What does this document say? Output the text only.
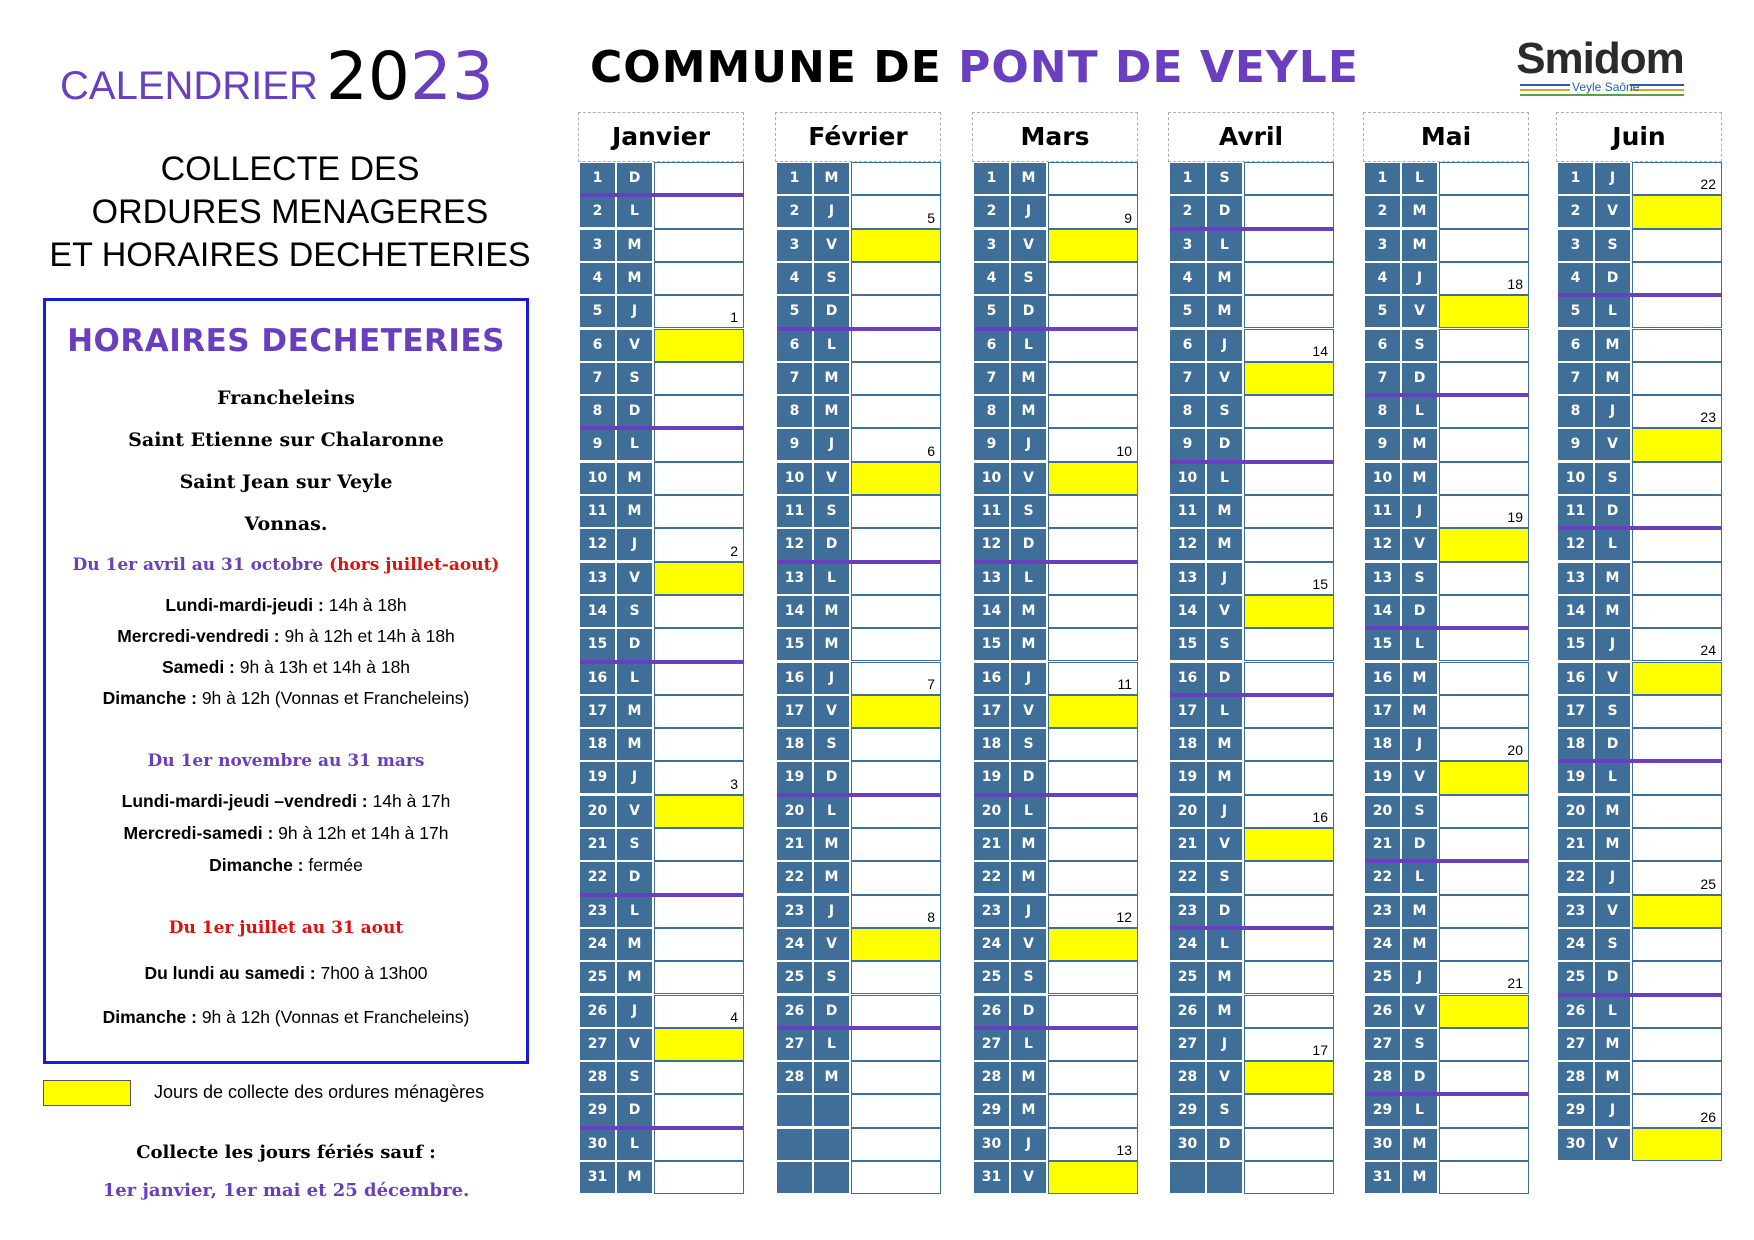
CALENDRIER 2023
COLLECTE DES
ORDURES MENAGERES
ET HORAIRES DECHETERIES
HORAIRES DECHETERIES
Francheleins
Saint Etienne sur Chalaronne
Saint Jean sur Veyle
Vonnas.
Du 1er avril au 31 octobre (hors juillet-aout)
Lundi-mardi-jeudi : 14h à 18h
Mercredi-vendredi : 9h à 12h et 14h à 18h
Samedi : 9h à 13h et 14h à 18h
Dimanche : 9h à 12h (Vonnas et Francheleins)
Du 1er novembre au 31 mars
Lundi-mardi-jeudi –vendredi : 14h à 17h
Mercredi-samedi : 9h à 12h et 14h à 17h
Dimanche : fermée
Du 1er juillet au 31 aout
Du lundi au samedi : 7h00 à 13h00
Dimanche : 9h à 12h (Vonnas et Francheleins)
Jours de collecte des ordures ménagères
Collecte les jours fériés sauf :
1er janvier, 1er mai et 25 décembre.
COMMUNE DE PONT DE VEYLE	Smidom
Veyle Saône
Janvier
1	D
2	L
3	M
4	M
5	J	1
6	V
7	S
8	D
9	L
10	M
11	M
12	J	2
13	V
14	S
15	D
16	L
17	M
18	M
19	J	3
20	V
21	S
22	D
23	L
24	M
25	M
26	J	4
27	V
28	S
29	D
30	L
31	M
Février
1	M
2	J	5
3	V
4	S
5	D
6	L
7	M
8	M
9	J	6
10	V
11	S
12	D
13	L
14	M
15	M
16	J	7
17	V
18	S
19	D
20	L
21	M
22	M
23	J	8
24	V
25	S
26	D
27	L
28	M
Mars
1	M
2	J	9
3	V
4	S
5	D
6	L
7	M
8	M
9	J	10
10	V
11	S
12	D
13	L
14	M
15	M
16	J	11
17	V
18	S
19	D
20	L
21	M
22	M
23	J	12
24	V
25	S
26	D
27	L
28	M
29	M
30	J	13
31	V
Avril
1	S
2	D
3	L
4	M
5	M
6	J	14
7	V
8	S
9	D
10	L
11	M
12	M
13	J	15
14	V
15	S
16	D
17	L
18	M
19	M
20	J	16
21	V
22	S
23	D
24	L
25	M
26	M
27	J	17
28	V
29	S
30	D
Mai
1	L
2	M
3	M
4	J	18
5	V
6	S
7	D
8	L
9	M
10	M
11	J	19
12	V
13	S
14	D
15	L
16	M
17	M
18	J	20
19	V
20	S
21	D
22	L
23	M
24	M
25	J	21
26	V
27	S
28	D
29	L
30	M
31	M
Juin
1	J	22
2	V
3	S
4	D
5	L
6	M
7	M
8	J	23
9	V
10	S
11	D
12	L
13	M
14	M
15	J	24
16	V
17	S
18	D
19	L
20	M
21	M
22	J	25
23	V
24	S
25	D
26	L
27	M
28	M
29	J	26
30	V
